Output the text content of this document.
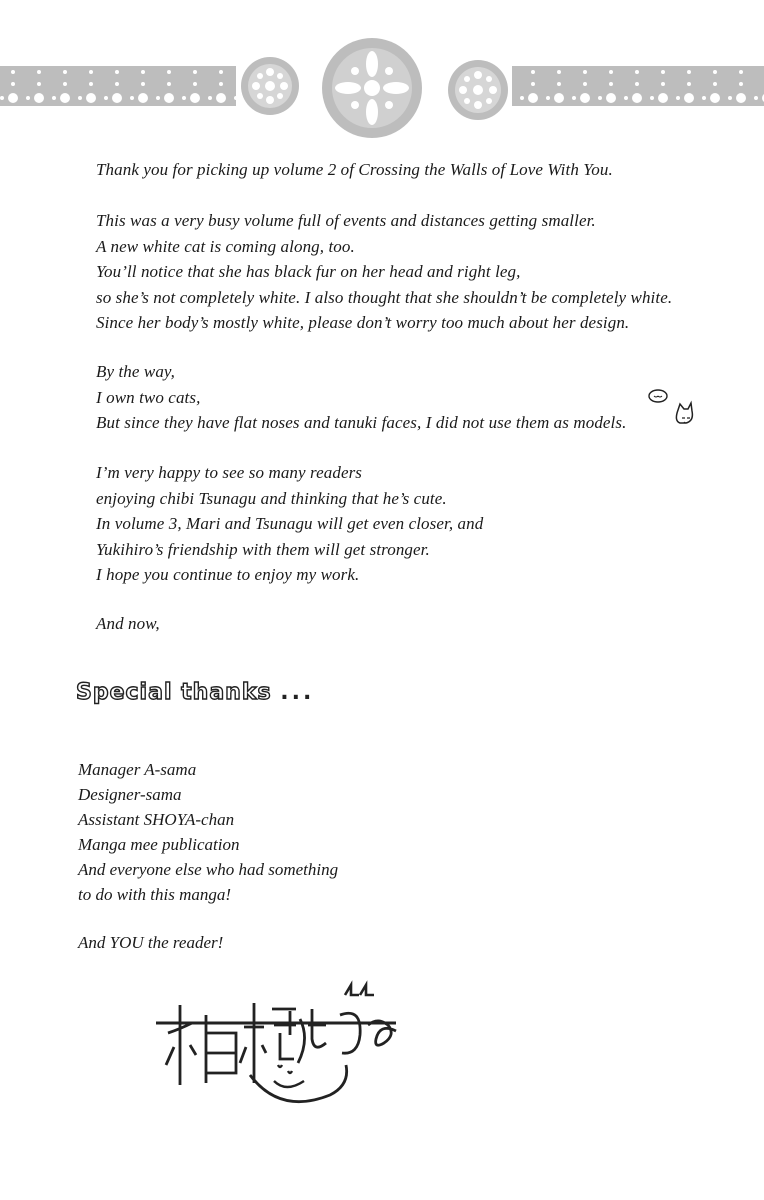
Thank you for picking up volume 2 of Crossing the Walls of Love With You.

This was a very busy volume full of events and distances getting smaller.
A new white cat is coming along, too.
You’ll notice that she has black fur on her head and right leg,
so she’s not completely white. I also thought that she shouldn’t be completely white.
Since her body’s mostly white, please don’t worry too much about her design.

By the way,
I own two cats,
But since they have flat noses and tanuki faces, I did not use them as models.

I’m very happy to see so many readers
enjoying chibi Tsunagu and thinking that he’s cute.
In volume 3, Mari and Tsunagu will get even closer, and
Yukihiro’s friendship with them will get stronger.
I hope you continue to enjoy my work.

And now,

Special thanks ...

Manager A-sama
Designer-sama
Assistant SHOYA-chan
Manga mee publication
And everyone else who had something
to do with this manga!

And YOU the reader!
柚樹ちひろ
